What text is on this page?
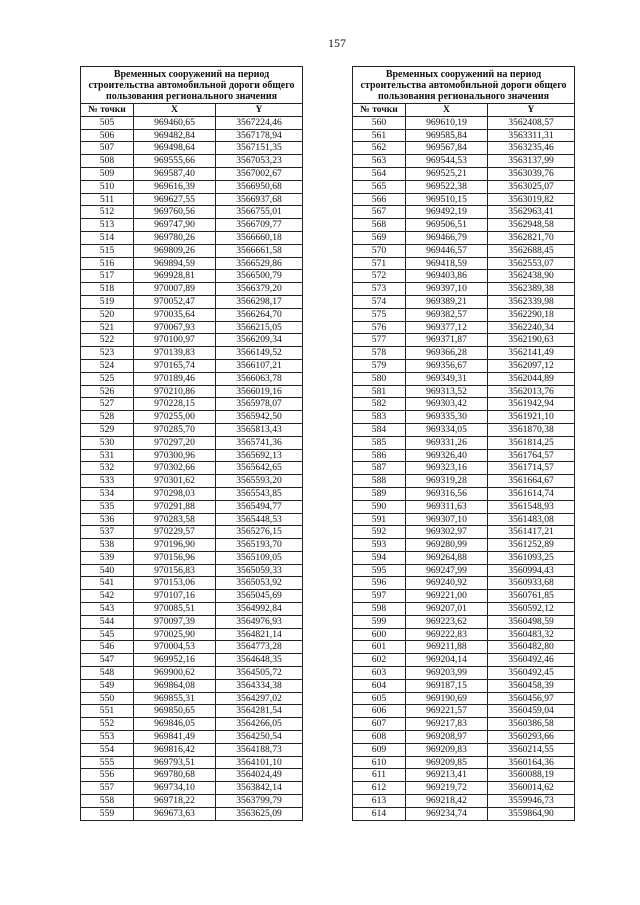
157
Временных сооружений на период строительства автомобильной дороги общего пользования регионального значения		
№ точки	X	Y
505	969460,65	3567224,46
506	969482,84	3567178,94
507	969498,64	3567151,35
508	969555,66	3567053,23
509	969587,40	3567002,67
510	969616,39	3566950,68
511	969627,55	3566937,68
512	969760,56	3566755,01
513	969747,90	3566709,77
514	969780,26	3566660,18
515	969809,26	3566661,58
516	969894,59	3566529,86
517	969928,81	3566500,79
518	970007,89	3566379,20
519	970052,47	3566298,17
520	970035,64	3566264,70
521	970067,93	3566215,05
522	970100,97	3566209,34
523	970139,83	3566149,52
524	970165,74	3566107,21
525	970189,46	3566063,78
526	970210,86	3566019,16
527	970228,15	3565978,07
528	970255,00	3565942,50
529	970285,70	3565813,43
530	970297,20	3565741,36
531	970300,96	3565692,13
532	970302,66	3565642,65
533	970301,62	3565593,20
534	970298,03	3565543,85
535	970291,88	3565494,77
536	970283,58	3565448,53
537	970229,57	3565276,15
538	970196,90	3565193,70
539	970156,96	3565109,05
540	970156,83	3565059,33
541	970153,06	3565053,92
542	970107,16	3565045,69
543	970085,51	3564992,84
544	970097,39	3564976,93
545	970025,90	3564821,14
546	970004,53	3564773,28
547	969952,16	3564648,35
548	969900,62	3564505,72
549	969864,08	3564334,38
550	969855,31	3564297,02
551	969850,65	3564281,54
552	969846,05	3564266,05
553	969841,49	3564250,54
554	969816,42	3564188,73
555	969793,51	3564101,10
556	969780,68	3564024,49
557	969734,10	3563842,14
558	969718,22	3563799,79
559	969673,63	3563625,09
Временных сооружений на период строительства автомобильной дороги общего пользования регионального значения		
№ точки	X	Y
560	969610,19	3562408,57
561	969585,84	3563311,31
562	969567,84	3563235,46
563	969544,53	3563137,99
564	969525,21	3563039,76
565	969522,38	3563025,07
566	969510,15	3563019,82
567	969492,19	3562963,41
568	969506,51	3562948,58
569	969466,79	3562821,70
570	969446,57	3562688,45
571	969418,59	3562553,07
572	969403,86	3562438,90
573	969397,10	3562389,38
574	969389,21	3562339,98
575	969382,57	3562290,18
576	969377,12	3562240,34
577	969371,87	3562190,63
578	969366,28	3562141,49
579	969356,67	3562097,12
580	969349,31	3562044,89
581	969313,52	3562013,76
582	969303,42	3561942,94
583	969335,30	3561921,10
584	969334,05	3561870,38
585	969331,26	3561814,25
586	969326,40	3561764,57
587	969323,16	3561714,57
588	969319,28	3561664,67
589	969316,56	3561614,74
590	969311,63	3561548,93
591	969307,10	3561483,08
592	969302,97	3561417,21
593	969280,99	3561252,89
594	969264,88	3561093,25
595	969247,99	3560994,43
596	969240,92	3560933,68
597	969221,00	3560761,85
598	969207,01	3560592,12
599	969223,62	3560498,59
600	969222,83	3560483,32
601	969211,88	3560482,80
602	969204,14	3560492,46
603	969203,99	3560492,45
604	969187,15	3560458,39
605	969190,69	3560456,97
606	969221,57	3560459,04
607	969217,83	3560386,58
608	969208,97	3560293,66
609	969209,83	3560214,55
610	969209,85	3560164,36
611	969213,41	3560088,19
612	969219,72	3560014,62
613	969218,42	3559946,73
614	969234,74	3559864,90
